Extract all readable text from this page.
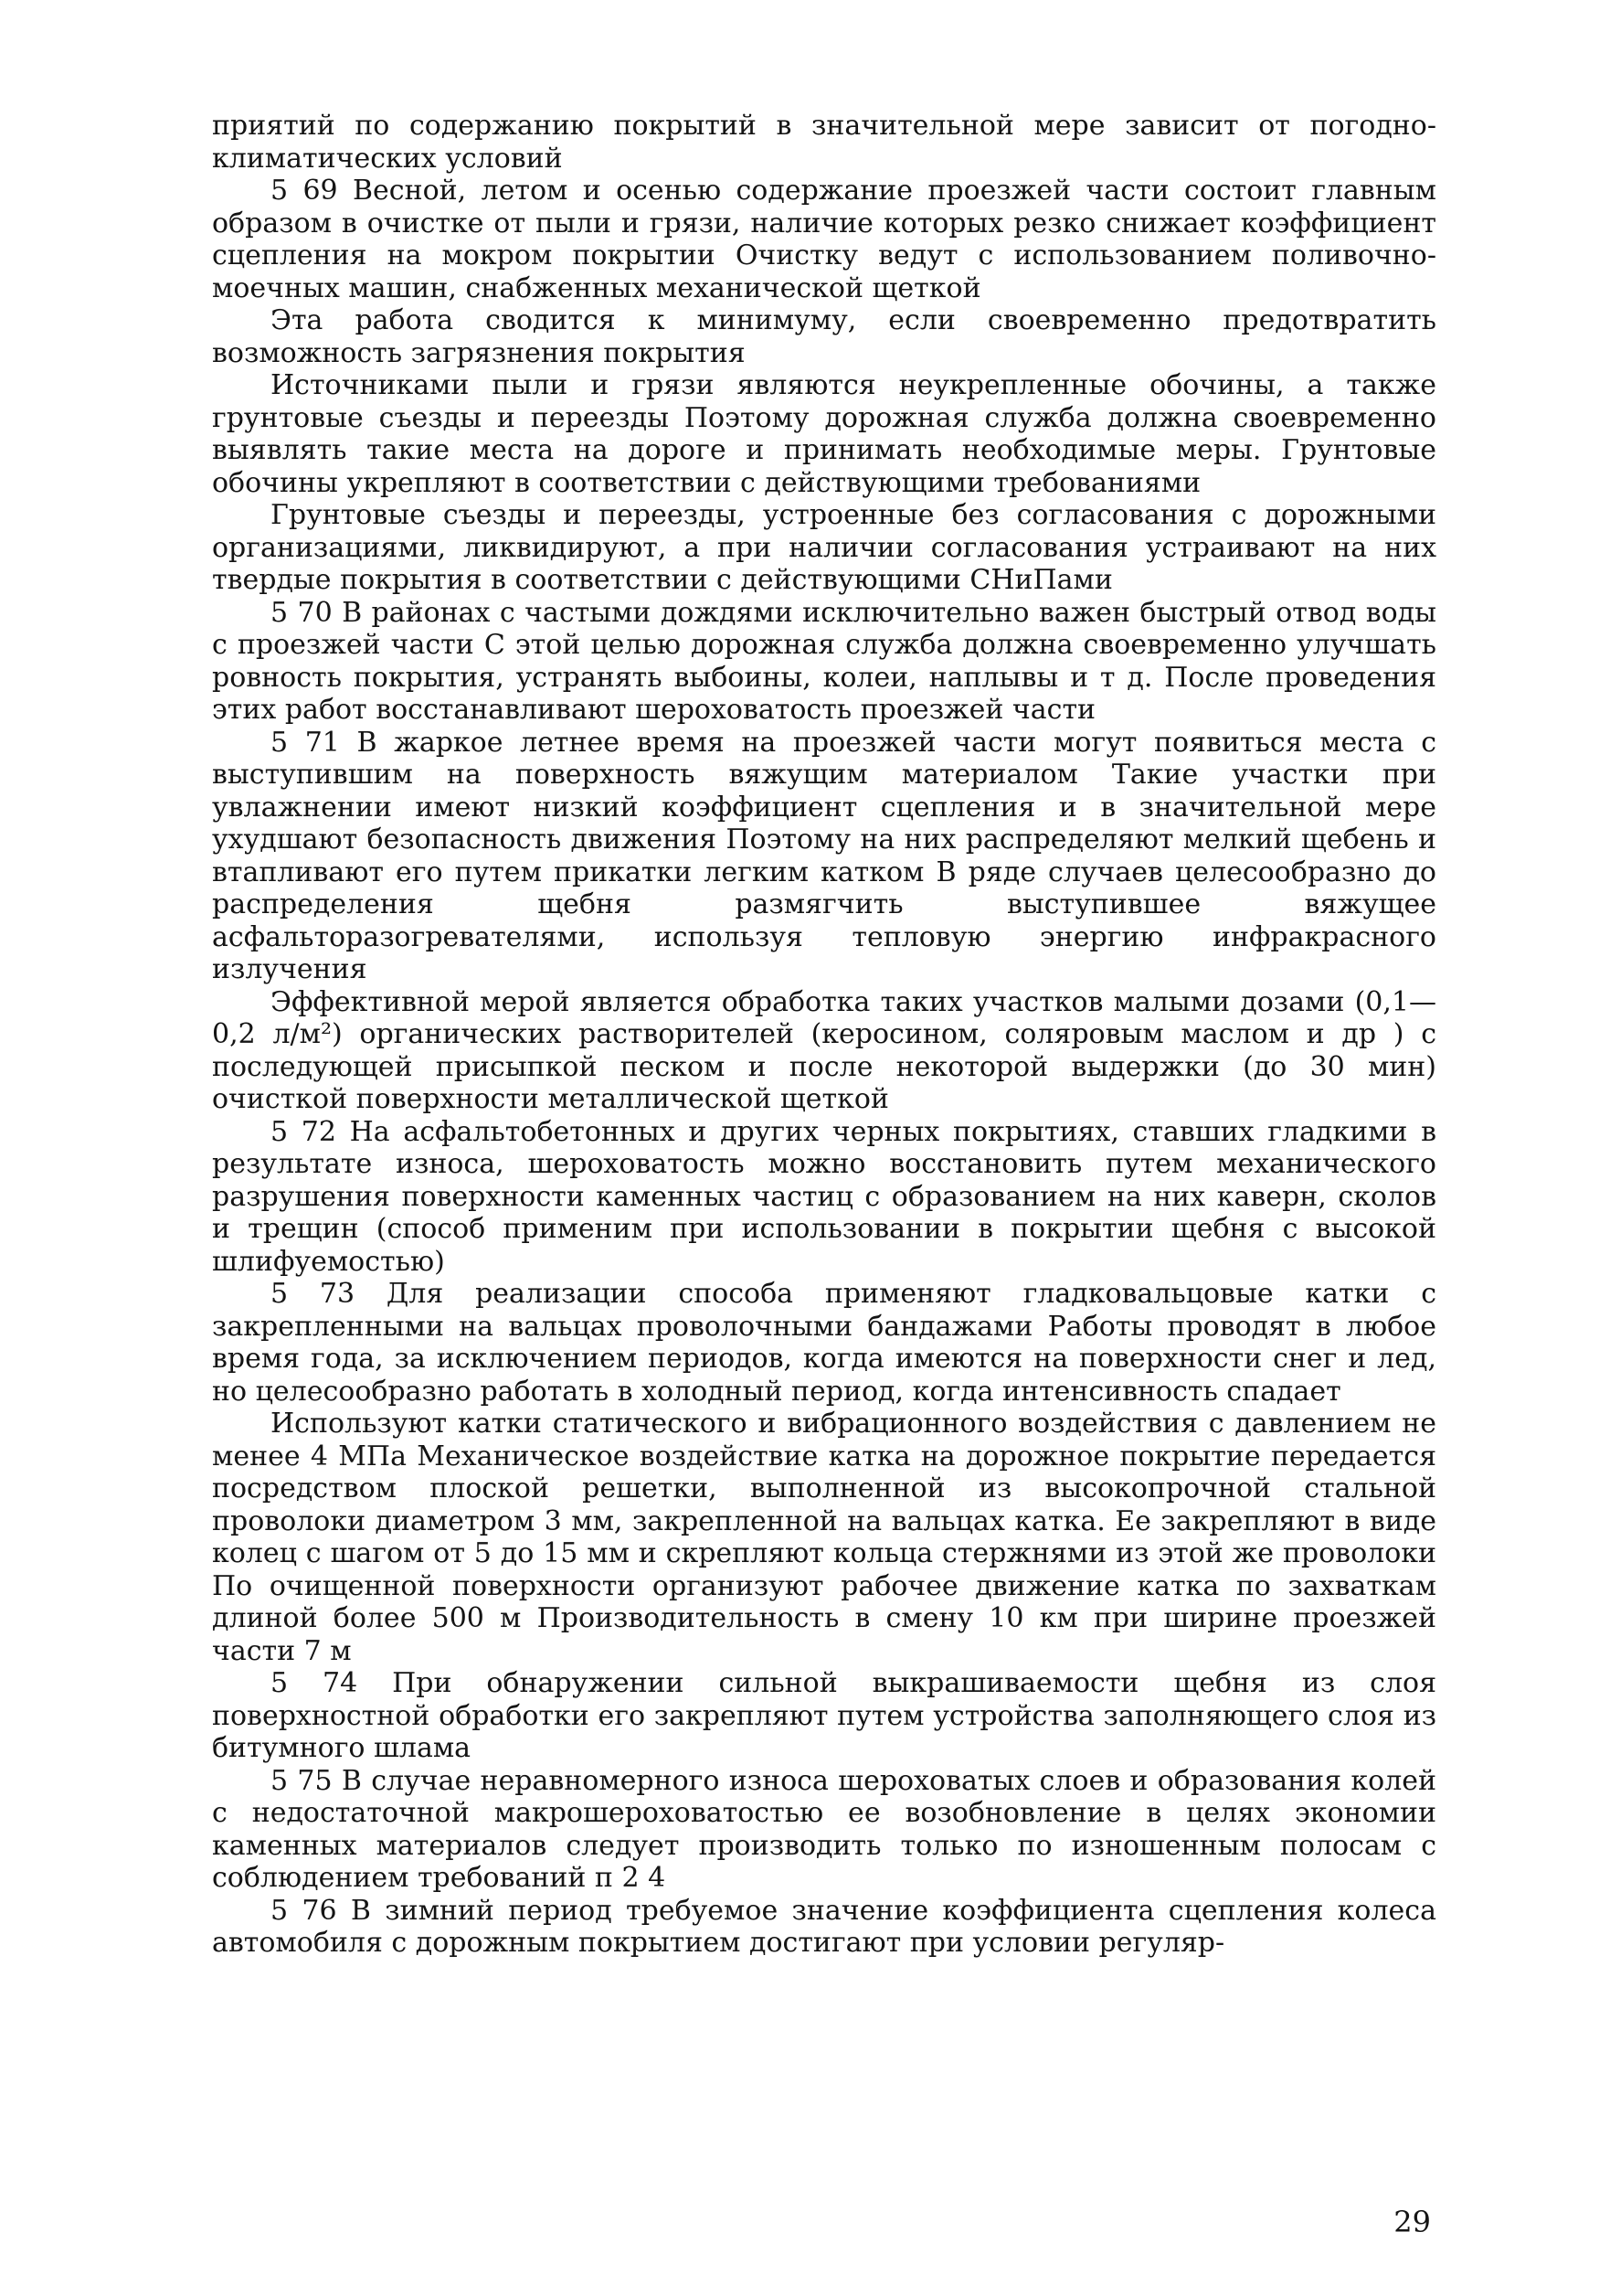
приятий по содержанию покрытий в значительной мере зависит от погодно-климатических условий

5 69 Весной, летом и осенью содержание проезжей части состоит главным образом в очистке от пыли и грязи, наличие которых резко снижает коэффициент сцепления на мокром покрытии Очистку ведут с использованием поливочно-моечных машин, снабженных механической щеткой

Эта работа сводится к минимуму, если своевременно предотвратить возможность загрязнения покрытия

Источниками пыли и грязи являются неукрепленные обочины, а также грунтовые съезды и переезды Поэтому дорожная служба должна своевременно выявлять такие места на дороге и принимать необходимые меры. Грунтовые обочины укрепляют в соответствии с действующими требованиями

Грунтовые съезды и переезды, устроенные без согласования с дорожными организациями, ликвидируют, а при наличии согласования устраивают на них твердые покрытия в соответствии с действующими СНиПами

5 70 В районах с частыми дождями исключительно важен быстрый отвод воды с проезжей части С этой целью дорожная служба должна своевременно улучшать ровность покрытия, устранять выбоины, колеи, наплывы и т д. После проведения этих работ восстанавливают шероховатость проезжей части

5 71 В жаркое летнее время на проезжей части могут появиться места с выступившим на поверхность вяжущим материалом Такие участки при увлажнении имеют низкий коэффициент сцепления и в значительной мере ухудшают безопасность движения Поэтому на них распределяют мелкий щебень и втапливают его путем прикатки легким катком В ряде случаев целесообразно до распределения щебня размягчить выступившее вяжущее асфальторазогревателями, используя тепловую энергию инфракрасного излучения

Эффективной мерой является обработка таких участков малыми дозами (0,1—0,2 л/м²) органических растворителей (керосином, соляровым маслом и др ) с последующей присыпкой песком и после некоторой выдержки (до 30 мин) очисткой поверхности металлической щеткой

5 72 На асфальтобетонных и других черных покрытиях, ставших гладкими в результате износа, шероховатость можно восстановить путем механического разрушения поверхности каменных частиц с образованием на них каверн, сколов и трещин (способ применим при использовании в покрытии щебня с высокой шлифуемостью)

5 73 Для реализации способа применяют гладковальцовые катки с закрепленными на вальцах проволочными бандажами Работы проводят в любое время года, за исключением периодов, когда имеются на поверхности снег и лед, но целесообразно работать в холодный период, когда интенсивность спадает

Используют катки статического и вибрационного воздействия с давлением не менее 4 МПа Механическое воздействие катка на дорожное покрытие передается посредством плоской решетки, выполненной из высокопрочной стальной проволоки диаметром 3 мм, закрепленной на вальцах катка. Ее закрепляют в виде колец с шагом от 5 до 15 мм и скрепляют кольца стержнями из этой же проволоки По очищенной поверхности организуют рабочее движение катка по захваткам длиной более 500 м Производительность в смену 10 км при ширине проезжей части 7 м

5 74 При обнаружении сильной выкрашиваемости щебня из слоя поверхностной обработки его закрепляют путем устройства заполняющего слоя из битумного шлама

5 75 В случае неравномерного износа шероховатых слоев и образования колей с недостаточной макрошероховатостью ее возобновление в целях экономии каменных материалов следует производить только по изношенным полосам с соблюдением требований п 2 4

5 76 В зимний период требуемое значение коэффициента сцепления колеса автомобиля с дорожным покрытием достигают при условии регуляр-

29
